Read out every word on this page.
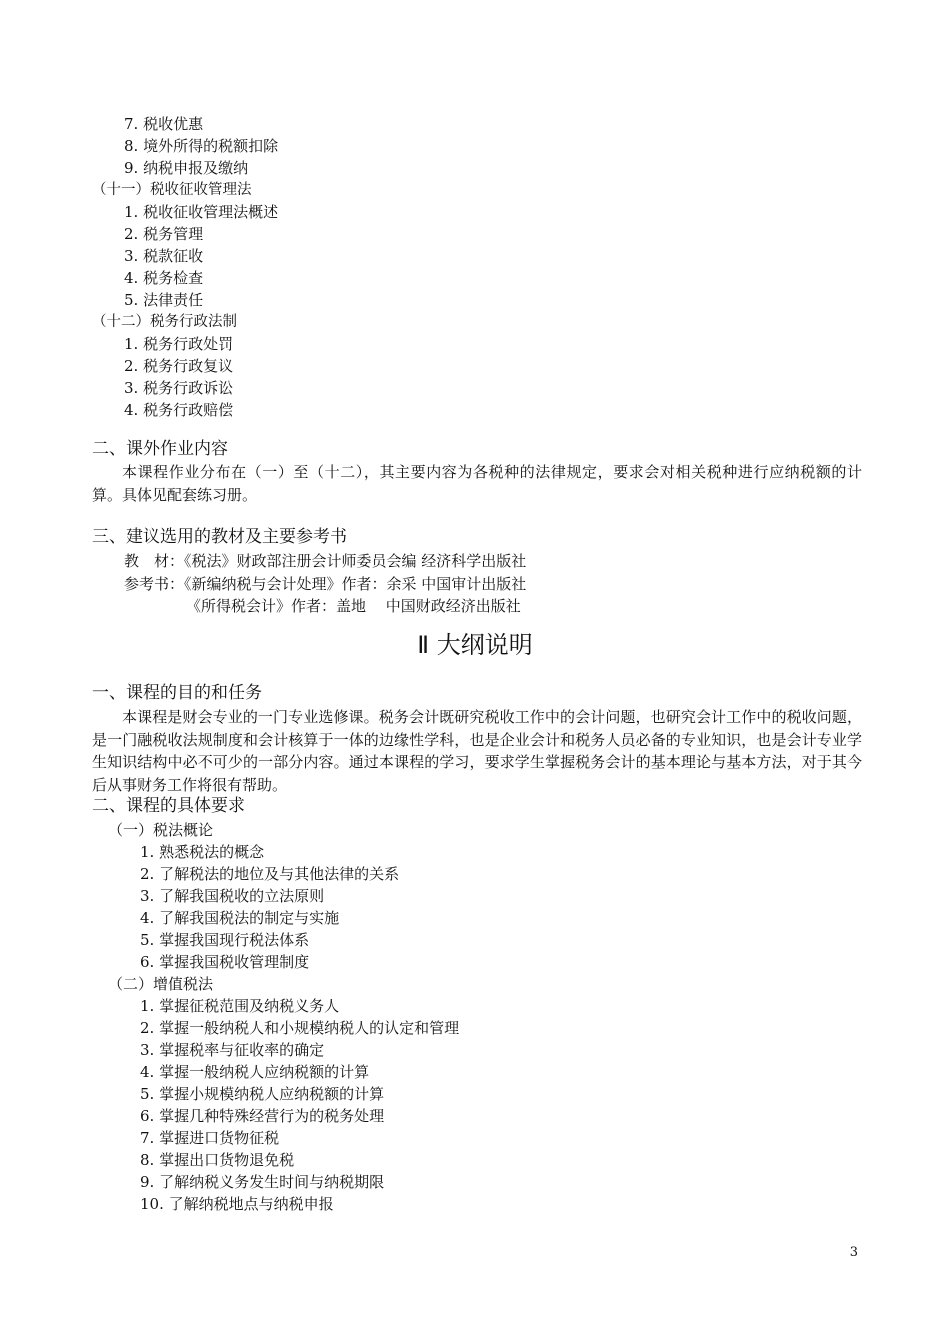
7. 税收优惠
8. 境外所得的税额扣除
9. 纳税申报及缴纳
（十一）税收征收管理法
1. 税收征收管理法概述
2. 税务管理
3. 税款征收
4. 税务检查
5. 法律责任
（十二）税务行政法制
1. 税务行政处罚
2. 税务行政复议
3. 税务行政诉讼
4. 税务行政赔偿
二、课外作业内容
本课程作业分布在（一）至（十二），其主要内容为各税种的法律规定，要求会对相关税种进行应纳税额的计算。具体见配套练习册。
三、建议选用的教材及主要参考书
教　材：《税法》财政部注册会计师委员会编 经济科学出版社
参考书：《新编纳税与会计处理》作者：余采 中国审计出版社
《所得税会计》作者：盖地　 中国财政经济出版社
Ⅱ 大纲说明
一、课程的目的和任务
本课程是财会专业的一门专业选修课。税务会计既研究税收工作中的会计问题，也研究会计工作中的税收问题，是一门融税收法规制度和会计核算于一体的边缘性学科，也是企业会计和税务人员必备的专业知识，也是会计专业学生知识结构中必不可少的一部分内容。通过本课程的学习，要求学生掌握税务会计的基本理论与基本方法，对于其今后从事财务工作将很有帮助。
二、课程的具体要求
（一）税法概论
1. 熟悉税法的概念
2. 了解税法的地位及与其他法律的关系
3. 了解我国税收的立法原则
4. 了解我国税法的制定与实施
5. 掌握我国现行税法体系
6. 掌握我国税收管理制度
（二）增值税法
1. 掌握征税范围及纳税义务人
2. 掌握一般纳税人和小规模纳税人的认定和管理
3. 掌握税率与征收率的确定
4. 掌握一般纳税人应纳税额的计算
5. 掌握小规模纳税人应纳税额的计算
6. 掌握几种特殊经营行为的税务处理
7. 掌握进口货物征税
8. 掌握出口货物退免税
9. 了解纳税义务发生时间与纳税期限
10. 了解纳税地点与纳税申报
3
